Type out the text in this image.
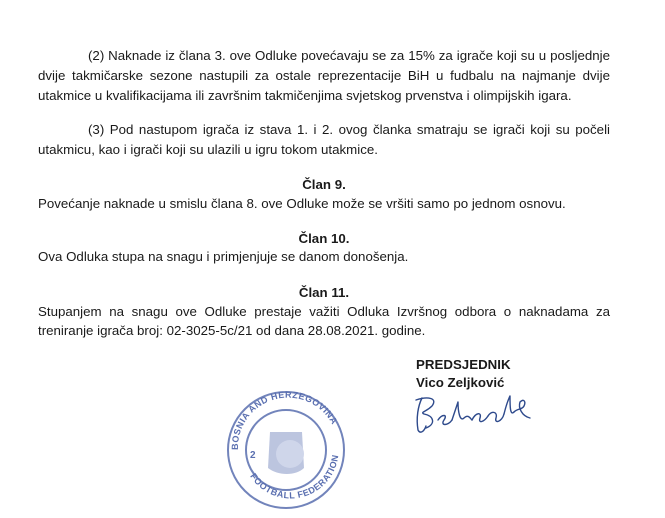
(2) Naknade iz člana 3. ove Odluke povećavaju se za 15% za igrače koji su u posljednje

dvije takmičarske sezone nastupili za ostale reprezentacije BiH u fudbalu na najmanje dvije

utakmice u kvalifikacijama ili završnim takmičenjima svjetskog prvenstva i olimpijskih igara.

(3) Pod nastupom igrača iz stava 1. i 2. ovog članka smatraju se igrači koji su počeli

utakmicu, kao i igrači koji su ulazili u igru tokom utakmice.

Član 9.

Povećanje naknade u smislu člana 8. ove Odluke može se vršiti samo po jednom osnovu.

Član 10.

Ova Odluka stupa na snagu i primjenjuje se danom donošenja.

Član 11.

Stupanjem na snagu ove Odluke prestaje važiti Odluka Izvršnog odbora o naknadama za

treniranje igrača broj: 02-3025-5c/21 od dana 28.08.2021. godine.

PREDSJEDNIK

Vico Zeljković

BOSNIA AND HERZEGOVINA
FOOTBALL FEDERATION
2
